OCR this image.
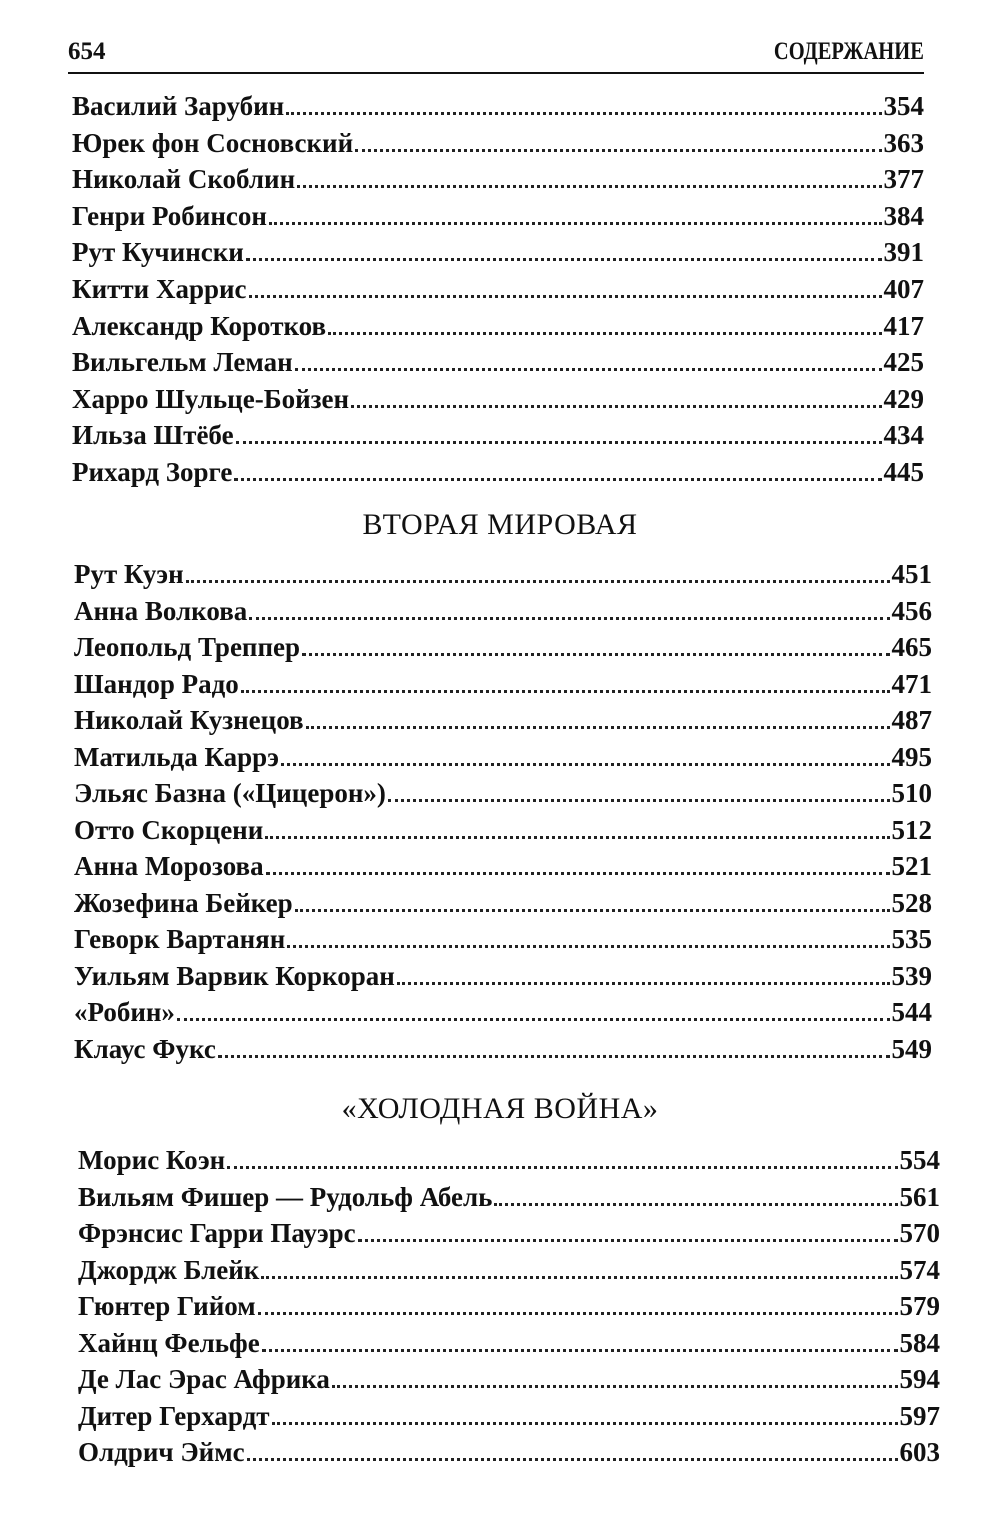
654	СОДЕРЖАНИЕ
Василий Зарубин	354
Юрек фон Сосновский	363
Николай Скоблин	377
Генри Робинсон	384
Рут Кучински	391
Китти Харрис	407
Александр Коротков	417
Вильгельм Леман	425
Харро Шульце-Бойзен	429
Ильза Штёбе	434
Рихард Зорге	445
ВТОРАЯ МИРОВАЯ
Рут Куэн	451
Анна Волкова	456
Леопольд Треппер	465
Шандор Радо	471
Николай Кузнецов	487
Матильда Каррэ	495
Эльяс Базна («Цицерон»)	510
Отто Скорцени	512
Анна Морозова	521
Жозефина Бейкер	528
Геворк Вартанян	535
Уильям Варвик Коркоран	539
«Робин»	544
Клаус Фукс	549
«ХОЛОДНАЯ ВОЙНА»
Морис Коэн	554
Вильям Фишер — Рудольф Абель	561
Фрэнсис Гарри Пауэрс	570
Джордж Блейк	574
Гюнтер Гийом	579
Хайнц Фельфе	584
Де Лас Эрас Африка	594
Дитер Герхардт	597
Олдрич Эймс	603
